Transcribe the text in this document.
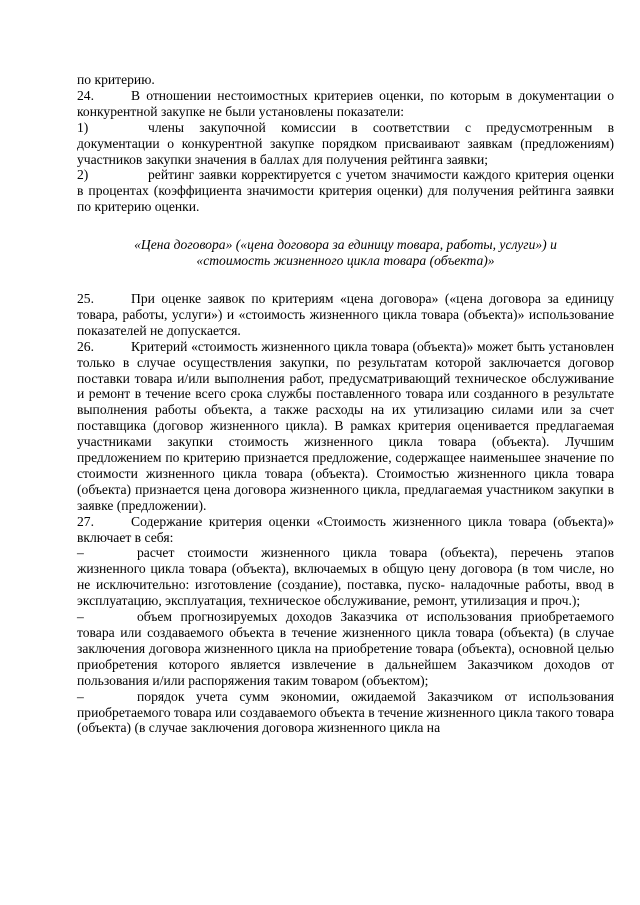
по критерию.

24.	В отношении нестоимостных критериев оценки, по которым в документации о конкурентной закупке не были установлены показатели:

1)	члены закупочной комиссии в соответствии с предусмотренным в документации о конкурентной закупке порядком присваивают заявкам (предложениям) участников закупки значения в баллах для получения рейтинга заявки;

2)	рейтинг заявки корректируется с учетом значимости каждого критерия оценки в процентах (коэффициента значимости критерия оценки) для получения рейтинга заявки по критерию оценки.

«Цена договора» («цена договора за единицу товара, работы, услуги») и
«стоимость жизненного цикла товара (объекта)»

25.	При оценке заявок по критериям «цена договора» («цена договора за единицу товара, работы, услуги») и «стоимость жизненного цикла товара (объекта)» использование показателей не допускается.

26.	Критерий «стоимость жизненного цикла товара (объекта)» может быть установлен только в случае осуществления закупки, по результатам которой заключается договор поставки товара и/или выполнения работ, предусматривающий техническое обслуживание и ремонт в течение всего срока службы поставленного товара или созданного в результате выполнения работы объекта, а также расходы на их утилизацию силами или за счет поставщика (договор жизненного цикла). В рамках критерия оценивается предлагаемая участниками закупки стоимость жизненного цикла товара (объекта). Лучшим предложением по критерию признается предложение, содержащее наименьшее значение по стоимости жизненного цикла товара (объекта). Стоимостью жизненного цикла товара (объекта) признается цена договора жизненного цикла, предлагаемая участником закупки в заявке (предложении).

27.	Содержание критерия оценки «Стоимость жизненного цикла товара (объекта)» включает в себя:

–	расчет стоимости жизненного цикла товара (объекта), перечень этапов жизненного цикла товара (объекта), включаемых в общую цену договора (в том числе, но не исключительно: изготовление (создание), поставка, пуско- наладочные работы, ввод в эксплуатацию, эксплуатация, техническое обслуживание, ремонт, утилизация и проч.);

–	объем прогнозируемых доходов Заказчика от использования приобретаемого товара или создаваемого объекта в течение жизненного цикла товара (объекта) (в случае заключения договора жизненного цикла на приобретение товара (объекта), основной целью приобретения которого является извлечение в дальнейшем Заказчиком доходов от пользования и/или распоряжения таким товаром (объектом);

–	порядок учета сумм экономии, ожидаемой Заказчиком от использования приобретаемого товара или создаваемого объекта в течение жизненного цикла такого товара (объекта) (в случае заключения договора жизненного цикла на
